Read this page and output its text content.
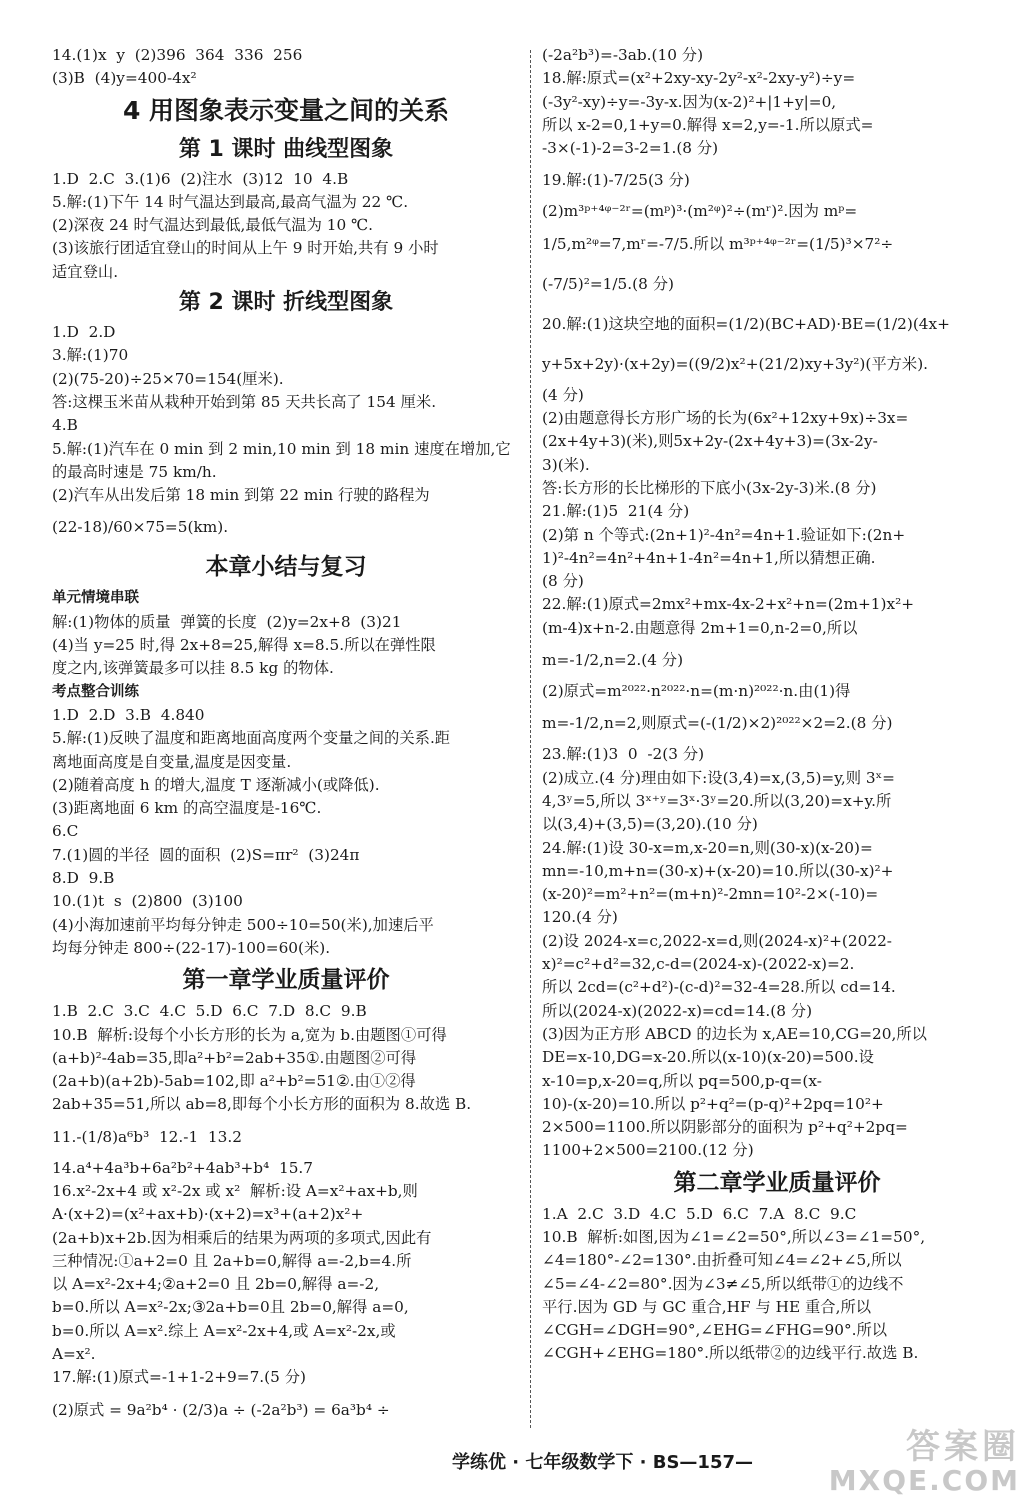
14.(1)x  y  (2)396  364  336  256
(3)B  (4)y=400-4x²
4 用图象表示变量之间的关系
第 1 课时 曲线型图象
1.D  2.C  3.(1)6  (2)注水  (3)12  10  4.B
5.解:(1)下午 14 时气温达到最高,最高气温为 22 ℃.
(2)深夜 24 时气温达到最低,最低气温为 10 ℃.
(3)该旅行团适宜登山的时间从上午 9 时开始,共有 9 小时
适宜登山.
第 2 课时 折线型图象
1.D  2.D
3.解:(1)70
(2)(75-20)÷25×70=154(厘米).
答:这棵玉米苗从栽种开始到第 85 天共长高了 154 厘米.
4.B
5.解:(1)汽车在 0 min 到 2 min,10 min 到 18 min 速度在增加,它
的最高时速是 75 km/h.
(2)汽车从出发后第 18 min 到第 22 min 行驶的路程为
(22-18)/60×75=5(km).
本章小结与复习
单元情境串联
解:(1)物体的质量  弹簧的长度  (2)y=2x+8  (3)21
(4)当 y=25 时,得 2x+8=25,解得 x=8.5.所以在弹性限
度之内,该弹簧最多可以挂 8.5 kg 的物体.
考点整合训练
1.D  2.D  3.B  4.840
5.解:(1)反映了温度和距离地面高度两个变量之间的关系.距
离地面高度是自变量,温度是因变量.
(2)随着高度 h 的增大,温度 T 逐渐减小(或降低).
(3)距离地面 6 km 的高空温度是-16℃.
6.C
7.(1)圆的半径  圆的面积  (2)S=πr²  (3)24π
8.D  9.B
10.(1)t  s  (2)800  (3)100
(4)小海加速前平均每分钟走 500÷10=50(米),加速后平
均每分钟走 800÷(22-17)-100=60(米).
第一章学业质量评价
1.B  2.C  3.C  4.C  5.D  6.C  7.D  8.C  9.B
10.B  解析:设每个小长方形的长为 a,宽为 b.由题图①可得
(a+b)²-4ab=35,即a²+b²=2ab+35①.由题图②可得
(2a+b)(a+2b)-5ab=102,即 a²+b²=51②.由①②得
2ab+35=51,所以 ab=8,即每个小长方形的面积为 8.故选 B.
11.-(1/8)a⁶b³  12.-1  13.2
14.a⁴+4a³b+6a²b²+4ab³+b⁴  15.7
16.x²-2x+4 或 x²-2x 或 x²  解析:设 A=x²+ax+b,则
A·(x+2)=(x²+ax+b)·(x+2)=x³+(a+2)x²+
(2a+b)x+2b.因为相乘后的结果为两项的多项式,因此有
三种情况:①a+2=0 且 2a+b=0,解得 a=-2,b=4.所
以 A=x²-2x+4;②a+2=0 且 2b=0,解得 a=-2,
b=0.所以 A=x²-2x;③2a+b=0且 2b=0,解得 a=0,
b=0.所以 A=x².综上 A=x²-2x+4,或 A=x²-2x,或
A=x².
17.解:(1)原式=-1+1-2+9=7.(5 分)
(2)原式 = 9a²b⁴ · (2/3)a ÷ (-2a²b³) = 6a³b⁴ ÷
(-2a²b³)=-3ab.(10 分)
18.解:原式=(x²+2xy-xy-2y²-x²-2xy-y²)÷y=
(-3y²-xy)÷y=-3y-x.因为(x-2)²+|1+y|=0,
所以 x-2=0,1+y=0.解得 x=2,y=-1.所以原式=
-3×(-1)-2=3-2=1.(8 分)
19.解:(1)-7/25(3 分)
(2)m³ᵖ⁺⁴ᵠ⁻²ʳ=(mᵖ)³·(m²ᵠ)²÷(mʳ)².因为 mᵖ=
1/5,m²ᵠ=7,mʳ=-7/5.所以 m³ᵖ⁺⁴ᵠ⁻²ʳ=(1/5)³×7²÷
(-7/5)²=1/5.(8 分)
20.解:(1)这块空地的面积=(1/2)(BC+AD)·BE=(1/2)(4x+
y+5x+2y)·(x+2y)=((9/2)x²+(21/2)xy+3y²)(平方米).
(4 分)
(2)由题意得长方形广场的长为(6x²+12xy+9x)÷3x=
(2x+4y+3)(米),则5x+2y-(2x+4y+3)=(3x-2y-
3)(米).
答:长方形的长比梯形的下底小(3x-2y-3)米.(8 分)
21.解:(1)5  21(4 分)
(2)第 n 个等式:(2n+1)²-4n²=4n+1.验证如下:(2n+
1)²-4n²=4n²+4n+1-4n²=4n+1,所以猜想正确.
(8 分)
22.解:(1)原式=2mx²+mx-4x-2+x²+n=(2m+1)x²+
(m-4)x+n-2.由题意得 2m+1=0,n-2=0,所以
m=-1/2,n=2.(4 分)
(2)原式=m²⁰²²·n²⁰²²·n=(m·n)²⁰²²·n.由(1)得
m=-1/2,n=2,则原式=(-(1/2)×2)²⁰²²×2=2.(8 分)
23.解:(1)3  0  -2(3 分)
(2)成立.(4 分)理由如下:设(3,4)=x,(3,5)=y,则 3ˣ=
4,3ʸ=5,所以 3ˣ⁺ʸ=3ˣ·3ʸ=20.所以(3,20)=x+y.所
以(3,4)+(3,5)=(3,20).(10 分)
24.解:(1)设 30-x=m,x-20=n,则(30-x)(x-20)=
mn=-10,m+n=(30-x)+(x-20)=10.所以(30-x)²+
(x-20)²=m²+n²=(m+n)²-2mn=10²-2×(-10)=
120.(4 分)
(2)设 2024-x=c,2022-x=d,则(2024-x)²+(2022-
x)²=c²+d²=32,c-d=(2024-x)-(2022-x)=2.
所以 2cd=(c²+d²)-(c-d)²=32-4=28.所以 cd=14.
所以(2024-x)(2022-x)=cd=14.(8 分)
(3)因为正方形 ABCD 的边长为 x,AE=10,CG=20,所以
DE=x-10,DG=x-20.所以(x-10)(x-20)=500.设
x-10=p,x-20=q,所以 pq=500,p-q=(x-
10)-(x-20)=10.所以 p²+q²=(p-q)²+2pq=10²+
2×500=1100.所以阴影部分的面积为 p²+q²+2pq=
1100+2×500=2100.(12 分)
第二章学业质量评价
1.A  2.C  3.D  4.C  5.D  6.C  7.A  8.C  9.C
10.B  解析:如图,因为∠1=∠2=50°,所以∠3=∠1=50°,
∠4=180°-∠2=130°.由折叠可知∠4=∠2+∠5,所以
∠5=∠4-∠2=80°.因为∠3≠∠5,所以纸带①的边线不
平行.因为 GD 与 GC 重合,HF 与 HE 重合,所以
∠CGH=∠DGH=90°,∠EHG=∠FHG=90°.所以
∠CGH+∠EHG=180°.所以纸带②的边线平行.故选 B.
学练优 · 七年级数学下 · BS—157—	答案圈
MXQE.COM
